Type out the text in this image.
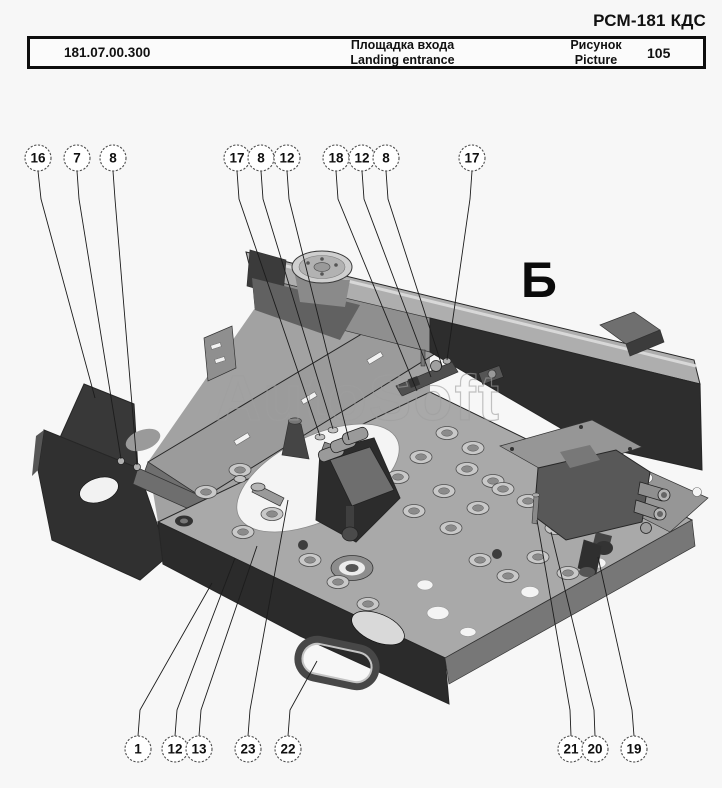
РСМ-181 КДС
181.07.00.300	Площадка входа
Landing entrance
Рисунок
Picture	105
AutoSoft
Б
16 7 8	17 8 12	18 12 8	17
1 12 13	23 22	21 20 19
